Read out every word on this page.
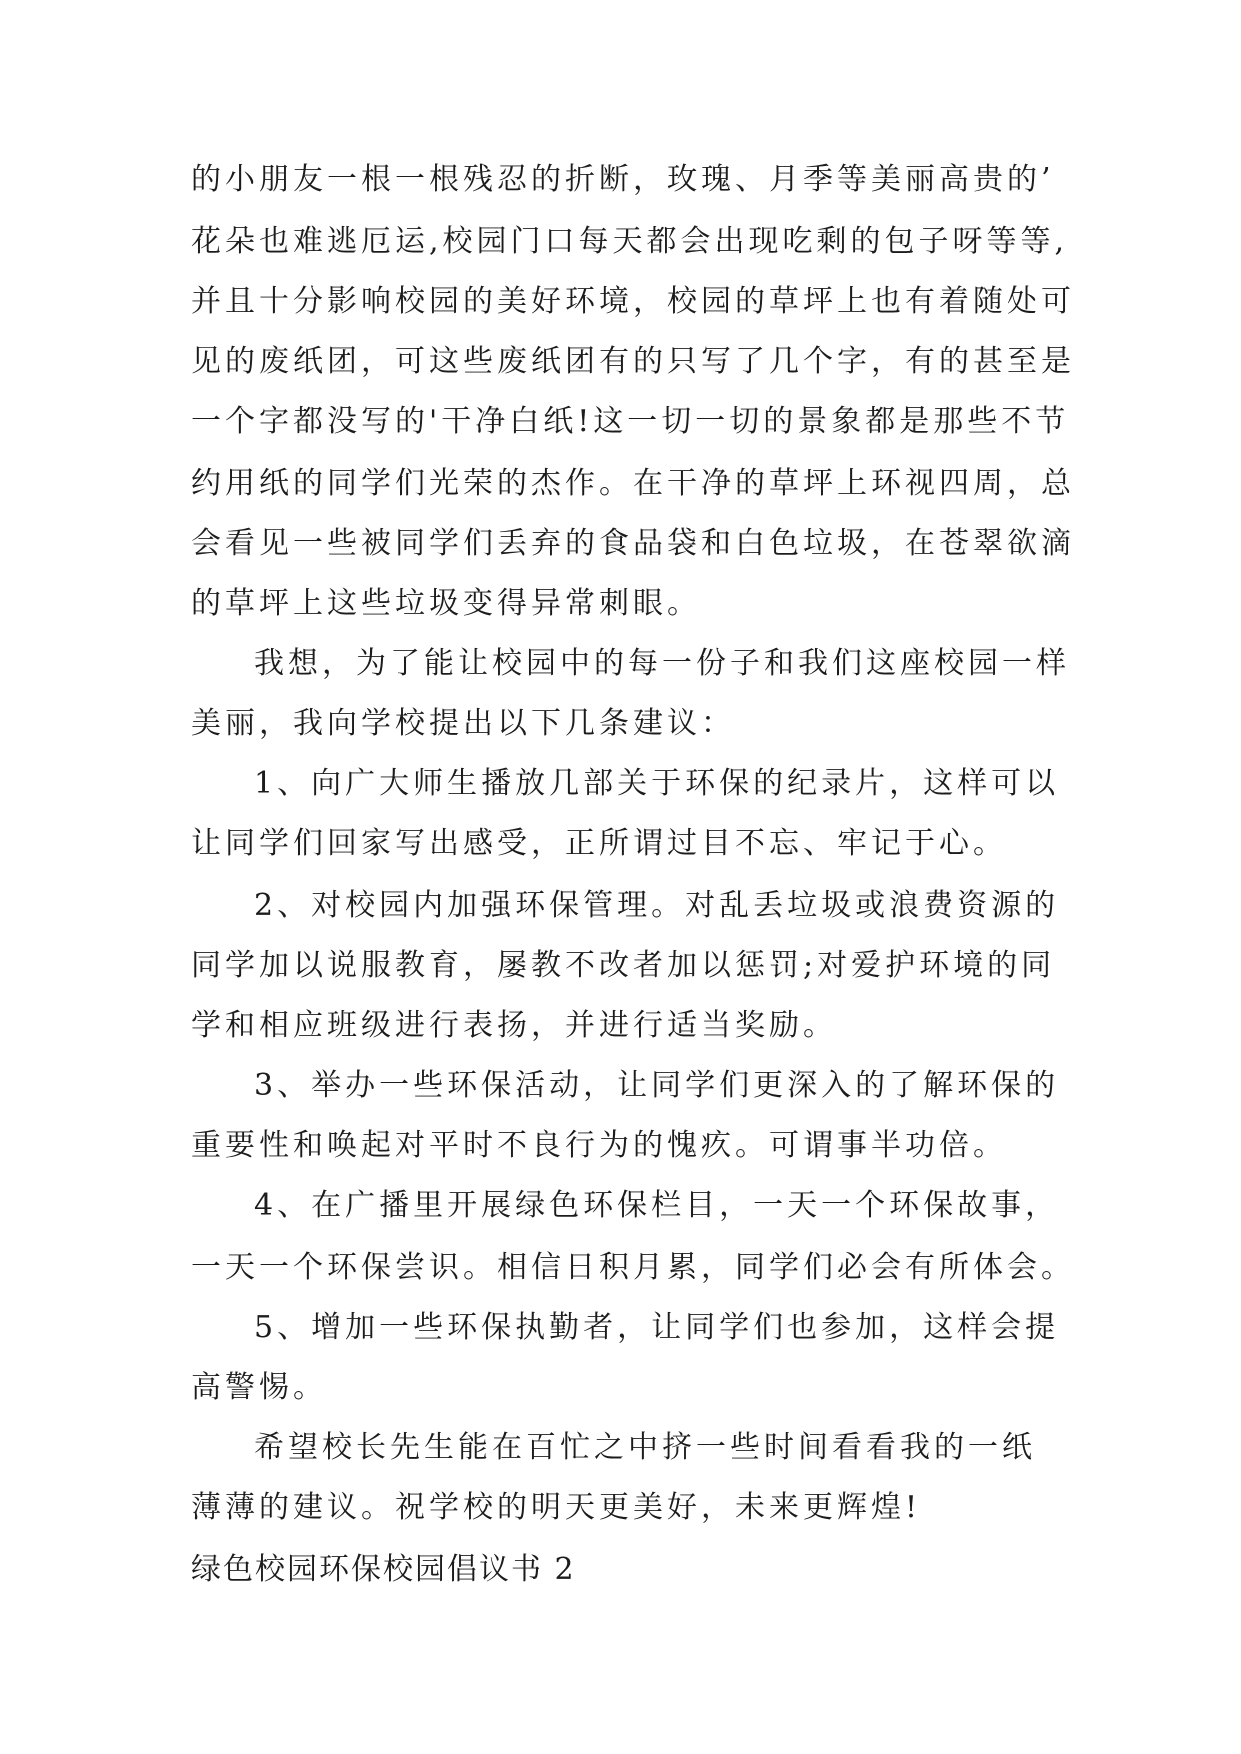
的小朋友一根一根残忍的折断，玫瑰、月季等美丽高贵的’
花朵也难逃厄运,校园门口每天都会出现吃剩的包子呀等等,
并且十分影响校园的美好环境，校园的草坪上也有着随处可
见的废纸团，可这些废纸团有的只写了几个字，有的甚至是
一个字都没写的'干净白纸!这一切一切的景象都是那些不节
约用纸的同学们光荣的杰作。在干净的草坪上环视四周，总
会看见一些被同学们丢弃的食品袋和白色垃圾，在苍翠欲滴
的草坪上这些垃圾变得异常刺眼。
我想，为了能让校园中的每一份子和我们这座校园一样
美丽，我向学校提出以下几条建议：
1、向广大师生播放几部关于环保的纪录片，这样可以
让同学们回家写出感受，正所谓过目不忘、牢记于心。
2、对校园内加强环保管理。对乱丢垃圾或浪费资源的
同学加以说服教育，屡教不改者加以惩罚;对爱护环境的同
学和相应班级进行表扬，并进行适当奖励。
3、举办一些环保活动，让同学们更深入的了解环保的
重要性和唤起对平时不良行为的愧疚。可谓事半功倍。
4、在广播里开展绿色环保栏目，一天一个环保故事，
一天一个环保尝识。相信日积月累，同学们必会有所体会。
5、增加一些环保执勤者，让同学们也参加，这样会提
高警惕。
希望校长先生能在百忙之中挤一些时间看看我的一纸
薄薄的建议。祝学校的明天更美好，未来更辉煌!
绿色校园环保校园倡议书 2
